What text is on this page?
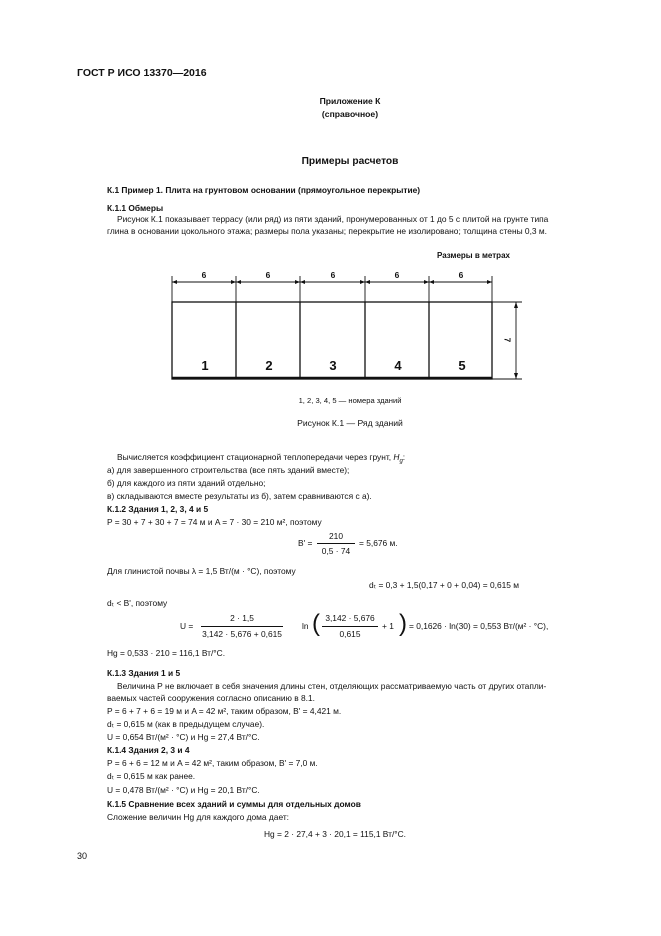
ГОСТ Р ИСО 13370—2016
Приложение К
(справочное)
Примеры расчетов
К.1 Пример 1. Плита на грунтовом основании (прямоугольное перекрытие)
К.1.1 Обмеры
Рисунок К.1 показывает террасу (или ряд) из пяти зданий, пронумерованных от 1 до 5 с плитой на грунте типа
глина в основании цокольного этажа; размеры пола указаны; перекрытие не изолировано; толщина стены 0,3 м.
Размеры в метрах
6	6	6	6	6
7
1	2	3	4	5
1, 2, 3, 4, 5 — номера зданий
Рисунок К.1 — Ряд зданий
Вычисляется коэффициент стационарной теплопередачи через грунт, $H_g$:
а) для завершенного строительства (все пять зданий вместе);
б) для каждого из пяти зданий отдельно;
в) складываются вместе результаты из б), затем сравниваются с а).
К.1.2 Здания 1, 2, 3, 4 и 5
P = 30 + 7 + 30 + 7 = 74 м и A = 7 · 30 = 210 м², поэтому
B' =
210
0,5 · 74
= 5,676 м.
Для глинистой почвы λ = 1,5 Вт/(м · °С), поэтому
dₜ = 0,3 + 1,5(0,17 + 0 + 0,04) = 0,615 м
dₜ < B', поэтому
U =
2 · 1,5
3,142 · 5,676 + 0,615
ln ( 3,142 · 5,676
0,615
+ 1 ) = 0,1626 · ln(30) = 0,553 Вт/(м² · °С),
Hg = 0,533 · 210 = 116,1 Вт/°С.
К.1.3 Здания 1 и 5
Величина P не включает в себя значения длины стен, отделяющих рассматриваемую часть от других отапли-
ваемых частей сооружения согласно описанию в 8.1.
P = 6 + 7 + 6 = 19 м и A = 42 м², таким образом, B' = 4,421 м.
dₜ = 0,615 м (как в предыдущем случае).
U = 0,654 Вт/(м² · °С) и Hg = 27,4 Вт/°С.
К.1.4 Здания 2, 3 и 4
P = 6 + 6 = 12 м и A = 42 м², таким образом, B' = 7,0 м.
dₜ = 0,615 м как ранее.
U = 0,478 Вт/(м² · °С) и Hg = 20,1 Вт/°С.
К.1.5 Сравнение всех зданий и суммы для отдельных домов
Сложение величин Hg для каждого дома дает:
Hg = 2 · 27,4 + 3 · 20,1 = 115,1 Вт/°С.
30
